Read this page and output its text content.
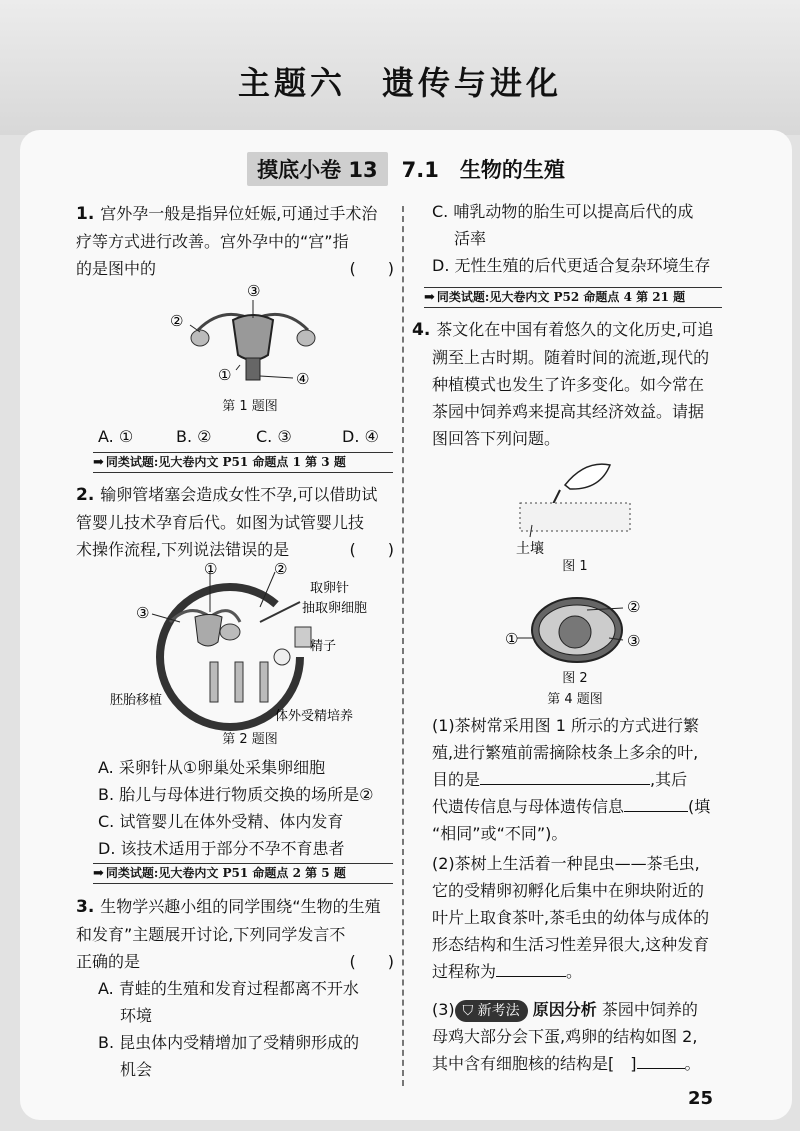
主题六　遗传与进化
摸底小卷 13 7.1　生物的生殖
1. 宫外孕一般是指异位妊娠,可通过手术治
疗等方式进行改善。宫外孕中的“宫”指
的是图中的	(　　)
③
②
①	④
第 1 题图
A. ①	B. ②	C. ③	D. ④
➡ 同类试题:见大卷内文 P51 命题点 1 第 3 题
2. 输卵管堵塞会造成女性不孕,可以借助试
管婴儿技术孕育后代。如图为试管婴儿技
术操作流程,下列说法错误的是	(　　)
①	②
③
取卵针
抽取卵细胞
精子
胚胎移植
体外受精培养
第 2 题图
A. 采卵针从①卵巢处采集卵细胞
B. 胎儿与母体进行物质交换的场所是②
C. 试管婴儿在体外受精、体内发育
D. 该技术适用于部分不孕不育患者
➡ 同类试题:见大卷内文 P51 命题点 2 第 5 题
3. 生物学兴趣小组的同学围绕“生物的生殖
和发育”主题展开讨论,下列同学发言不
正确的是	(　　)
A. 青蛙的生殖和发育过程都离不开水
环境
B. 昆虫体内受精增加了受精卵形成的
机会
C. 哺乳动物的胎生可以提高后代的成
活率
D. 无性生殖的后代更适合复杂环境生存
➡ 同类试题:见大卷内文 P52 命题点 4 第 21 题
4. 茶文化在中国有着悠久的文化历史,可追
溯至上古时期。随着时间的流逝,现代的
种植模式也发生了许多变化。如今常在
茶园中饲养鸡来提高其经济效益。请据
图回答下列问题。
土壤
图 1
②
①	③
图 2
第 4 题图
(1)茶树常采用图 1 所示的方式进行繁
殖,进行繁殖前需摘除枝条上多余的叶,
目的是	,其后
代遗传信息与母体遗传信息	(填
“相同”或“不同”)。
(2)茶树上生活着一种昆虫——茶毛虫,
它的受精卵初孵化后集中在卵块附近的
叶片上取食茶叶,茶毛虫的幼体与成体的
形态结构和生活习性差异很大,这种发育
过程称为	。
(3) ⛉ 新考法 原因分析 茶园中饲养的
母鸡大部分会下蛋,鸡卵的结构如图 2,
其中含有细胞核的结构是[　]	。
25
